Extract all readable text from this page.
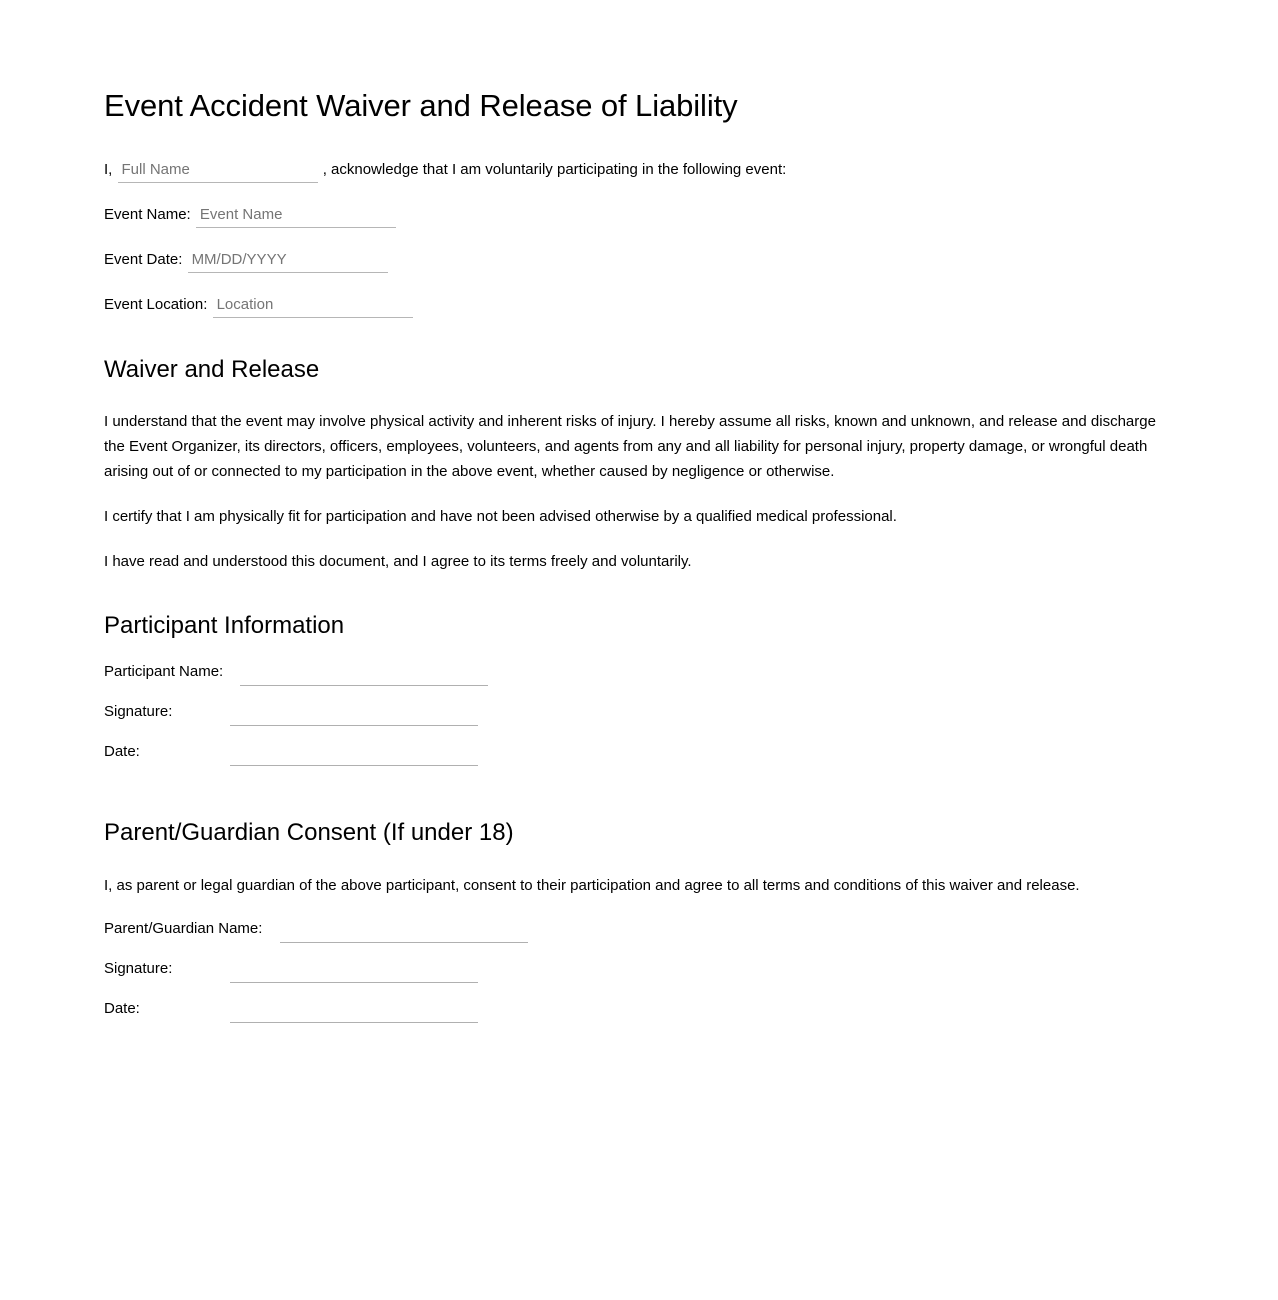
Event Accident Waiver and Release of Liability
I, Full Name	, acknowledge that I am voluntarily participating in the following event:
Event Name: Event Name
Event Date: MM/DD/YYYY
Event Location: Location
Waiver and Release

I understand that the event may involve physical activity and inherent risks of injury. I hereby assume all risks, known and unknown, and release and discharge the Event Organizer, its directors, officers, employees, volunteers, and agents from any and all liability for personal injury, property damage, or wrongful death arising out of or connected to my participation in the above event, whether caused by negligence or otherwise.

I certify that I am physically fit for participation and have not been advised otherwise by a qualified medical professional.

I have read and understood this document, and I agree to its terms freely and voluntarily.

Participant Information
Participant Name:
Signature:
Date:
Parent/Guardian Consent (If under 18)

I, as parent or legal guardian of the above participant, consent to their participation and agree to all terms and conditions of this waiver and release.

Parent/Guardian Name:
Signature:
Date:
